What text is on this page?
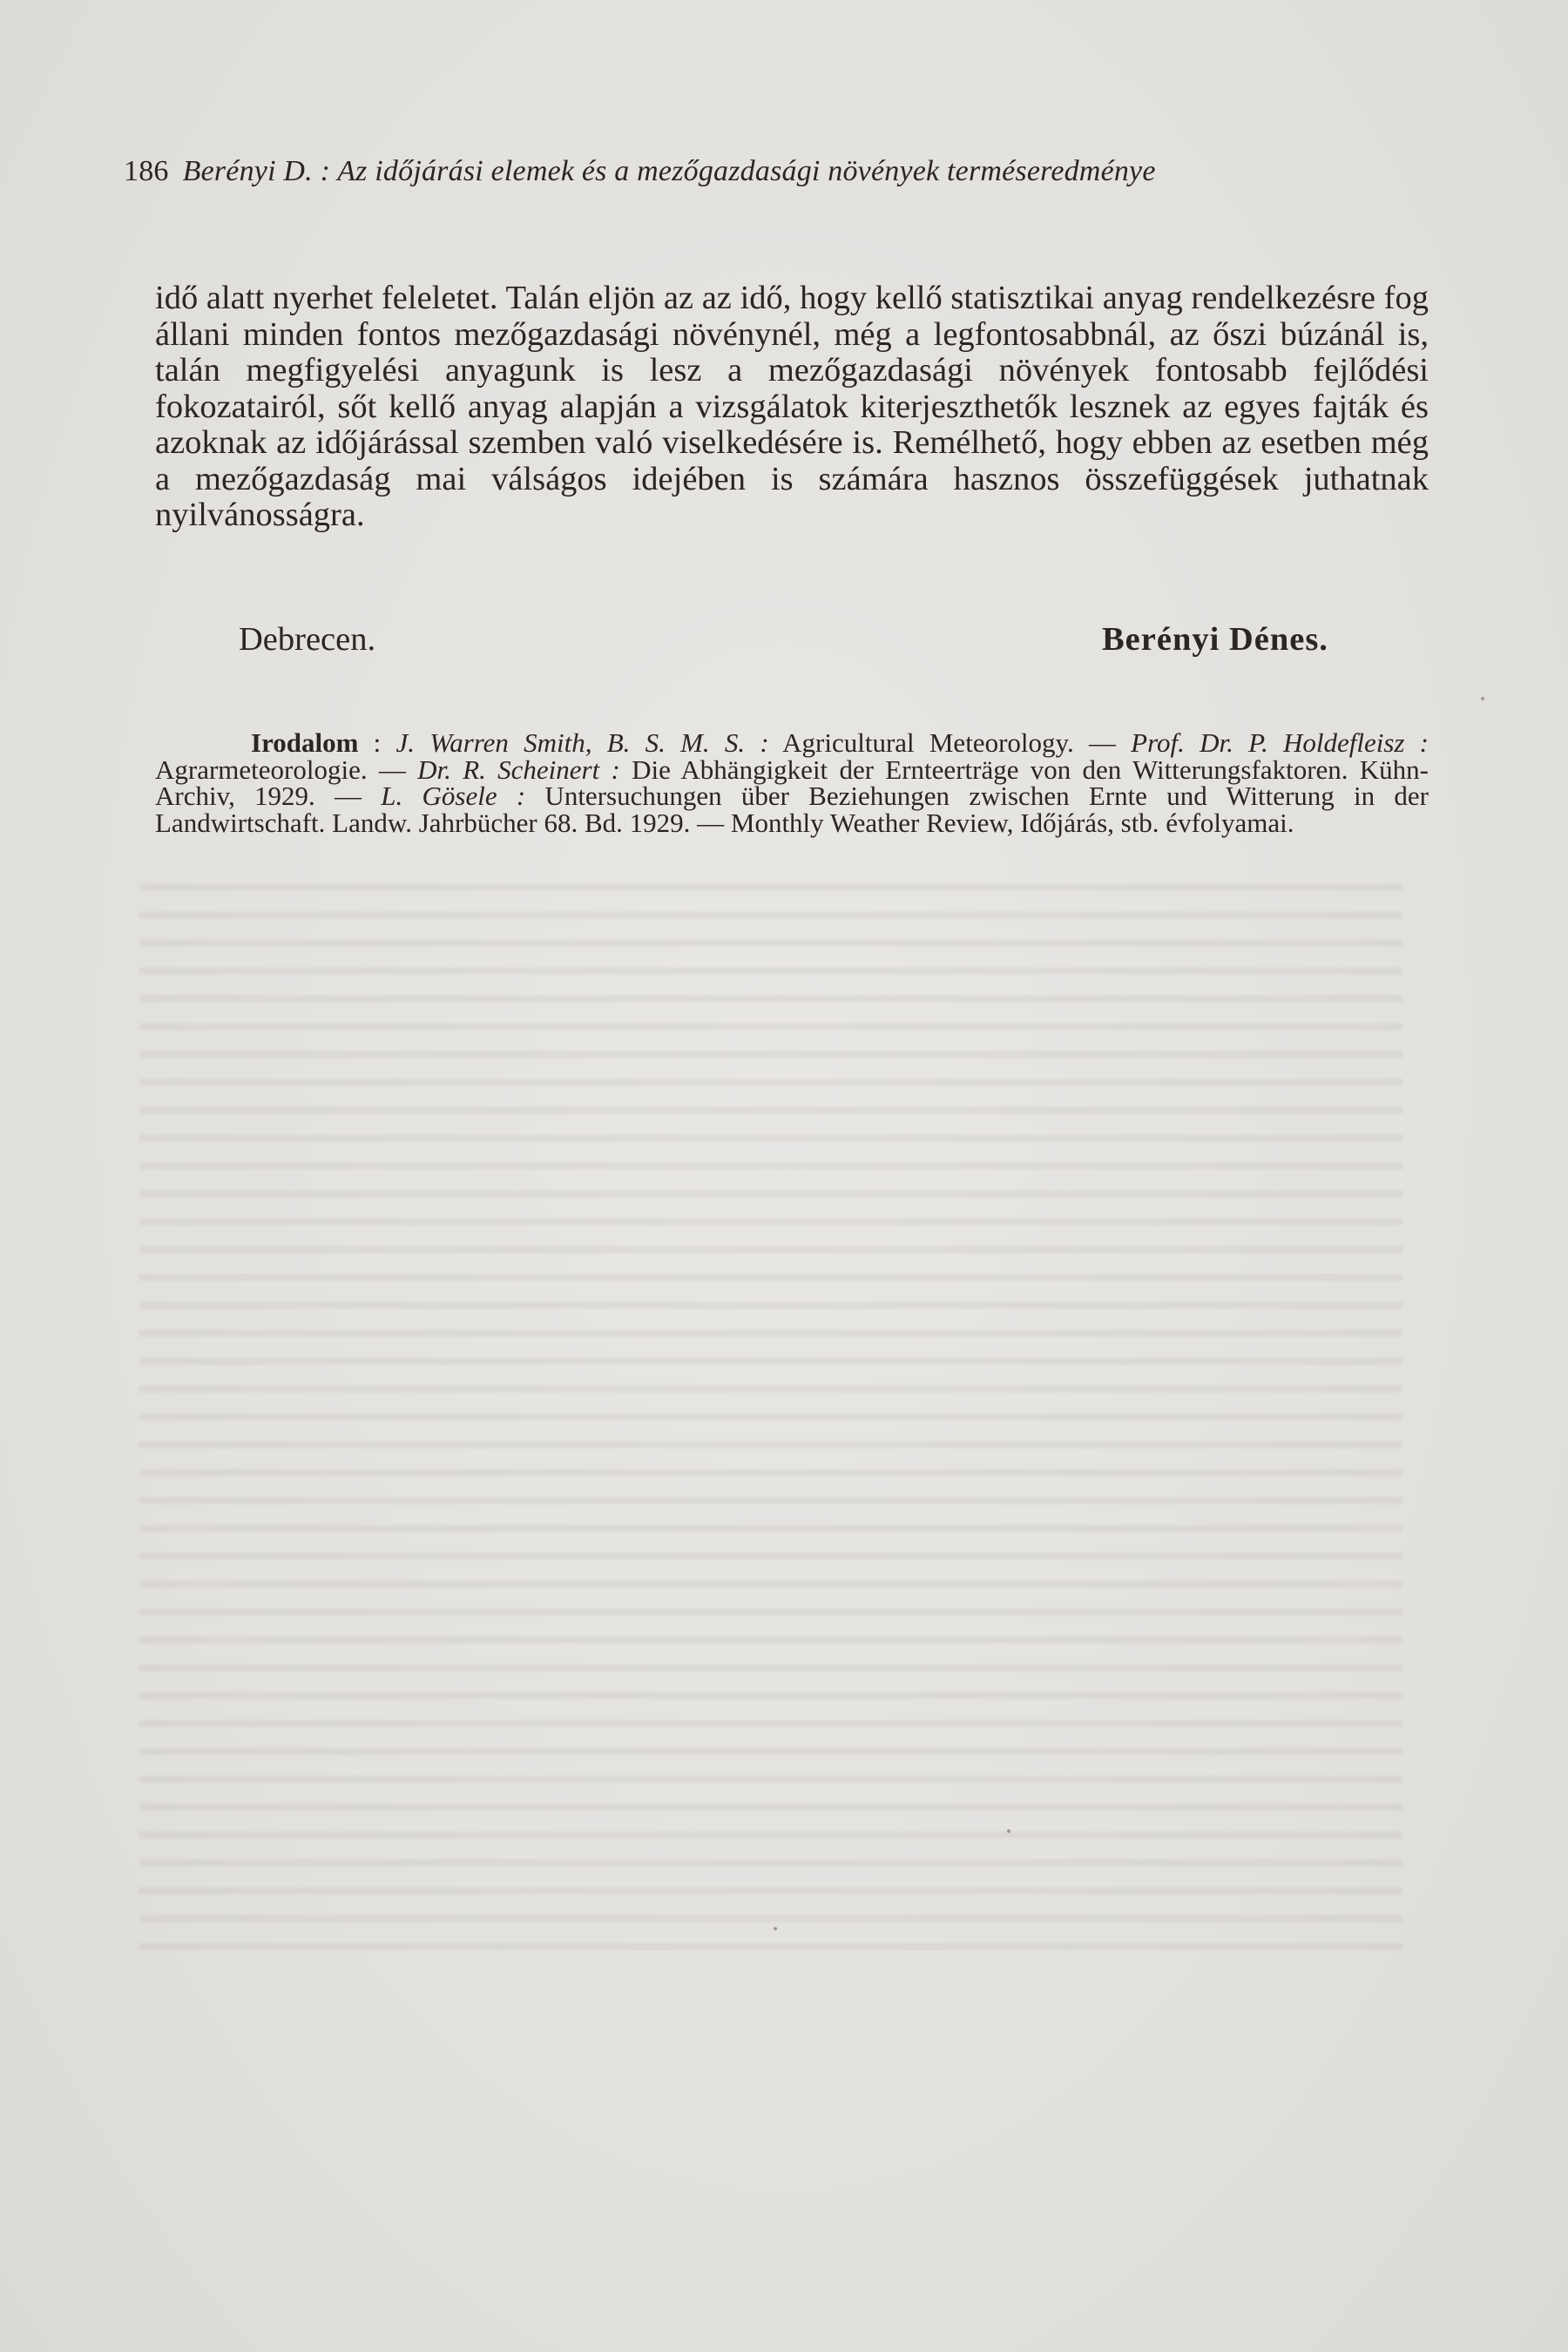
186 Berényi D. : Az időjárási elemek és a mezőgazdasági növények terméseredménye

idő alatt nyerhet feleletet. Talán eljön az az idő, hogy kellő statisztikai anyag rendelkezésre fog állani minden fontos mezőgazdasági növénynél, még a legfontosabbnál, az őszi búzánál is, talán megfigyelési anyagunk is lesz a mezőgazdasági növények fontosabb fejlődési fokozatairól, sőt kellő anyag alapján a vizsgálatok kiterjeszthetők lesznek az egyes fajták és azoknak az időjárással szemben való viselkedésére is. Remélhető, hogy ebben az esetben még a mezőgazdaság mai válságos idejében is számára hasznos összefüggések juthatnak nyilvánosságra.

Debrecen.	Berényi Dénes.

Irodalom : J. Warren Smith, B. S. M. S. : Agricultural Meteorology. — Prof. Dr. P. Holdefleisz : Agrarmeteorologie. — Dr. R. Scheinert : Die Abhängigkeit der Ernteerträge von den Witterungsfaktoren. Kühn-Archiv, 1929. — L. Gösele : Untersuchungen über Beziehungen zwischen Ernte und Witterung in der Landwirtschaft. Landw. Jahrbücher 68. Bd. 1929. — Monthly Weather Review, Időjárás, stb. évfolyamai.
